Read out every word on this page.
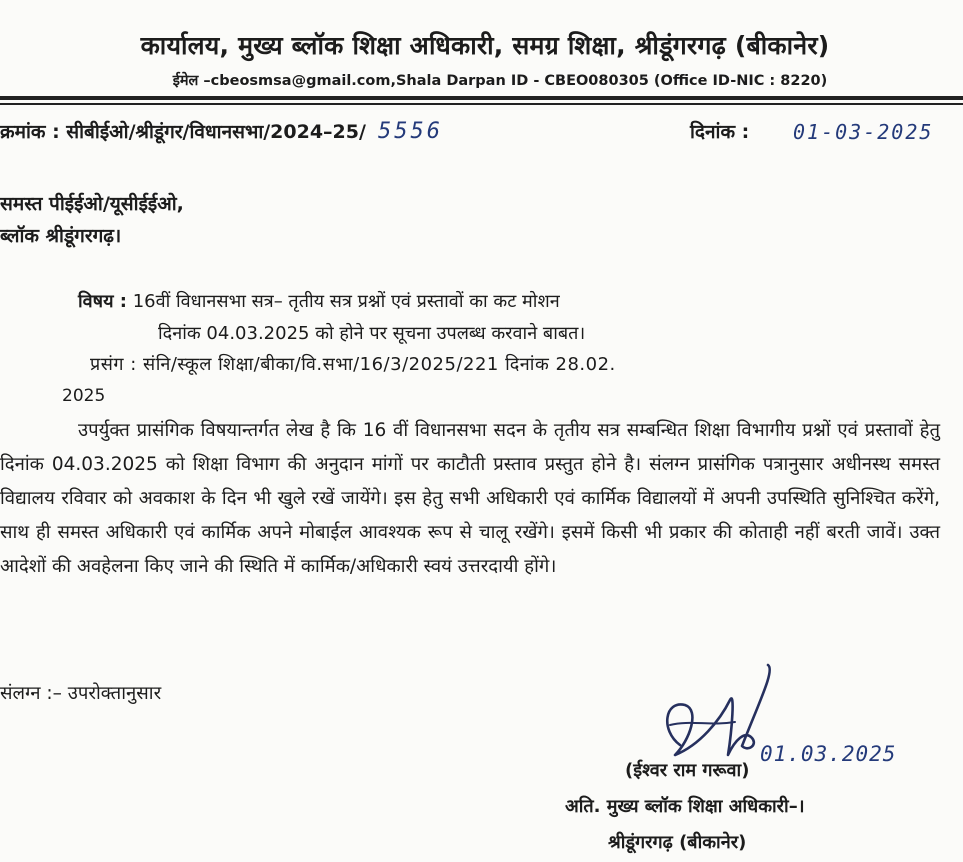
कार्यालय, मुख्य ब्लॉक शिक्षा अधिकारी, समग्र शिक्षा, श्रीडूंगरगढ़ (बीकानेर)
ईमेल –cbeosmsa@gmail.com,Shala Darpan ID - CBEO080305 (Office ID-NIC : 8220)
क्रमांक : सीबीईओ/श्रीडूंगर/विधानसभा/2024–25/ 5556	दिनांक : 01-03-2025
समस्त पीईईओ/यूसीईईओ,
ब्लॉक श्रीडूंगरगढ़।
विषय : 16वीं विधानसभा सत्र– तृतीय सत्र प्रश्नों एवं प्रस्तावों का कट मोशन
दिनांक 04.03.2025 को होने पर सूचना उपलब्ध करवाने बाबत।
प्रसंग : संनि/स्कूल शिक्षा/बीका/वि.सभा/16/3/2025/221 दिनांक 28.02.
2025
उपर्युक्त प्रासंगिक विषयान्तर्गत लेख है कि 16 वीं विधानसभा सदन के तृतीय सत्र सम्बन्धित शिक्षा विभागीय प्रश्नों एवं प्रस्तावों हेतु दिनांक 04.03.2025 को शिक्षा विभाग की अनुदान मांगों पर काटौती प्रस्ताव प्रस्तुत होने है। संलग्न प्रासंगिक पत्रानुसार अधीनस्थ समस्त विद्यालय रविवार को अवकाश के दिन भी खुले रखें जायेंगे। इस हेतु सभी अधिकारी एवं कार्मिक विद्यालयों में अपनी उपस्थिति सुनिश्चित करेंगे, साथ ही समस्त अधिकारी एवं कार्मिक अपने मोबाईल आवश्यक रूप से चालू रखेंगे। इसमें किसी भी प्रकार की कोताही नहीं बरती जावें। उक्त आदेशों की अवहेलना किए जाने की स्थिति में कार्मिक/अधिकारी स्वयं उत्तरदायी होंगे।
संलग्न :– उपरोक्तानुसार
01.03.2025
(ईश्वर राम गरूवा)
अति. मुख्य ब्लॉक शिक्षा अधिकारी–।
श्रीडूंगरगढ़ (बीकानेर)
